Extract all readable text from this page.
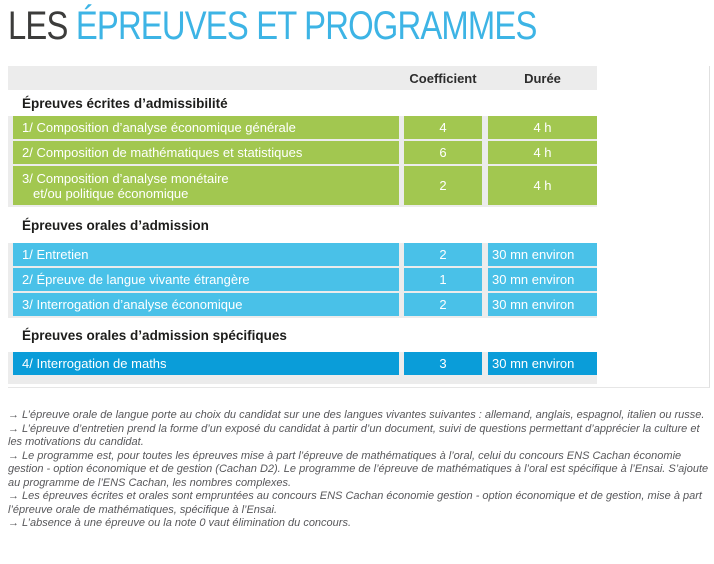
LES ÉPREUVES ET PROGRAMMES
Coefficient	Durée
Épreuves écrites d’admissibilité
1/ Composition d’analyse économique générale	4	4 h
2/ Composition de mathématiques et statistiques	6	4 h
3/ Composition d’analyse monétaire
et/ou politique économique	2	4 h
Épreuves orales d’admission
1/ Entretien	2	30 mn environ
2/ Épreuve de langue vivante étrangère	1	30 mn environ
3/ Interrogation d’analyse économique	2	30 mn environ
Épreuves orales d’admission spécifiques
4/ Interrogation de maths	3	30 mn environ
→ L’épreuve orale de langue porte au choix du candidat sur une des langues vivantes suivantes : allemand, anglais, espagnol, italien ou russe.
→ L’épreuve d’entretien prend la forme d’un exposé du candidat à partir d’un document, suivi de questions permettant d’apprécier la culture et les motivations du candidat.
→ Le programme est, pour toutes les épreuves mise à part l’épreuve de mathématiques à l’oral, celui du concours ENS Cachan économie gestion - option économique et de gestion (Cachan D2). Le programme de l’épreuve de mathématiques à l’oral est spécifique à l’Ensai. S’ajoute au programme de l’ENS Cachan, les nombres complexes.
→ Les épreuves écrites et orales sont empruntées au concours ENS Cachan économie gestion - option économique et de gestion, mise à part l’épreuve orale de mathématiques, spécifique à l’Ensai.
→ L’absence à une épreuve ou la note 0 vaut élimination du concours.
